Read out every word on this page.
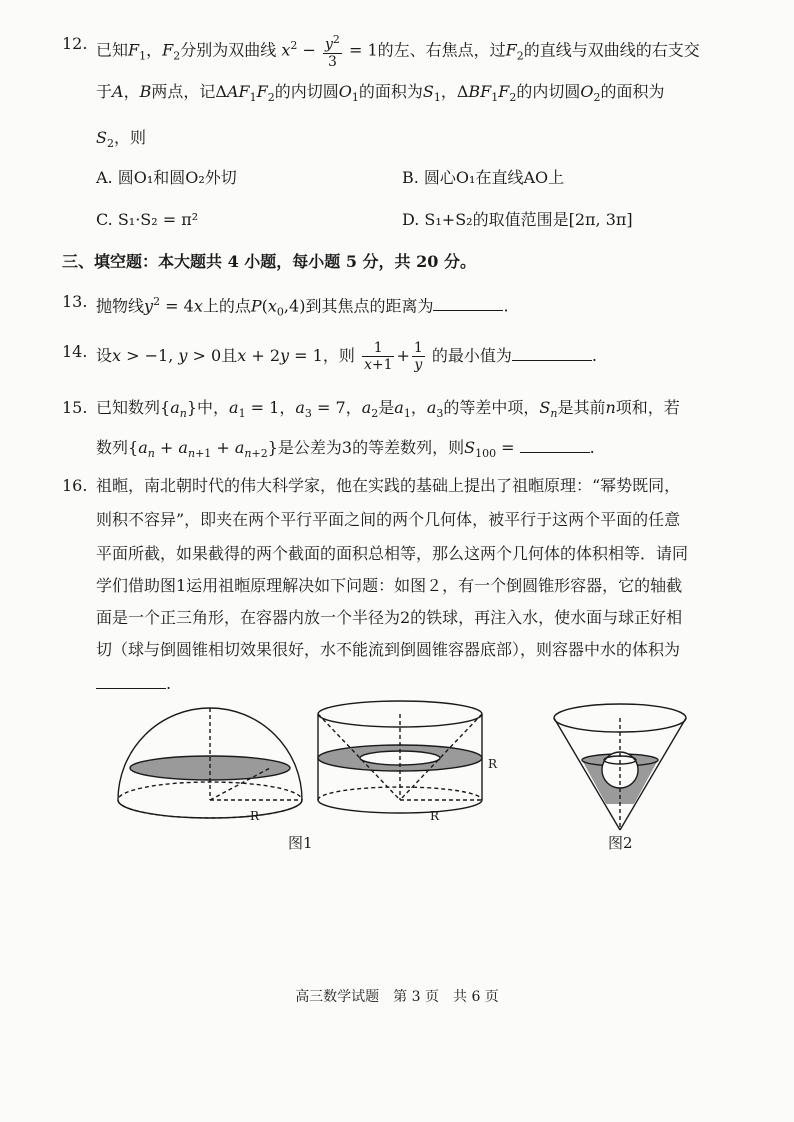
12. 已知$F_1$，$F_2$分别为双曲线 $x^2 - \frac{y^2}{3} = 1$的左、右焦点，过$F_2$的直线与双曲线的右支交
于A，B两点，记$\Delta AF_1F_2$的内切圆$O_1$的面积为$S_1$，$\Delta BF_1F_2$的内切圆$O_2$的面积为
$S_2$，则
A. 圆O₁和圆O₂外切	B. 圆心O₁在直线AO上
C. S₁·S₂ = π²	D. S₁+S₂的取值范围是[2π, 3π]
三、填空题：本大题共 4 小题，每小题 5 分，共 20 分。
13. 抛物线$y^2 = 4x$上的点$P(x_0,4)$到其焦点的距离为	.
14. 设x > −1, y > 0且x + 2y = 1，则 $\frac{1}{x+1} + \frac{1}{y}$ 的最小值为	.
15. 已知数列$\{a_n\}$中，$a_1 = 1$，$a_3 = 7$，$a_2$是$a_1$，$a_3$的等差中项，$S_n$是其前n项和，若
数列$\{a_n + a_{n+1} + a_{n+2}\}$是公差为3的等差数列，则$S_{100}$ =	.
16. 祖暅，南北朝时代的伟大科学家，他在实践的基础上提出了祖暅原理：“幂势既同，
则积不容异”，即夹在两个平行平面之间的两个几何体，被平行于这两个平面的任意
平面所截，如果截得的两个截面的面积总相等，那么这两个几何体的体积相等．请同
学们借助图1运用祖暅原理解决如下问题：如图２，有一个倒圆锥形容器，它的轴截
面是一个正三角形，在容器内放一个半径为2的铁球，再注入水，使水面与球正好相
切（球与倒圆锥相切效果很好，水不能流到倒圆锥容器底部），则容器中水的体积为
.
R
R
R
图1	图2
高三数学试题　第 3 页　共 6 页
